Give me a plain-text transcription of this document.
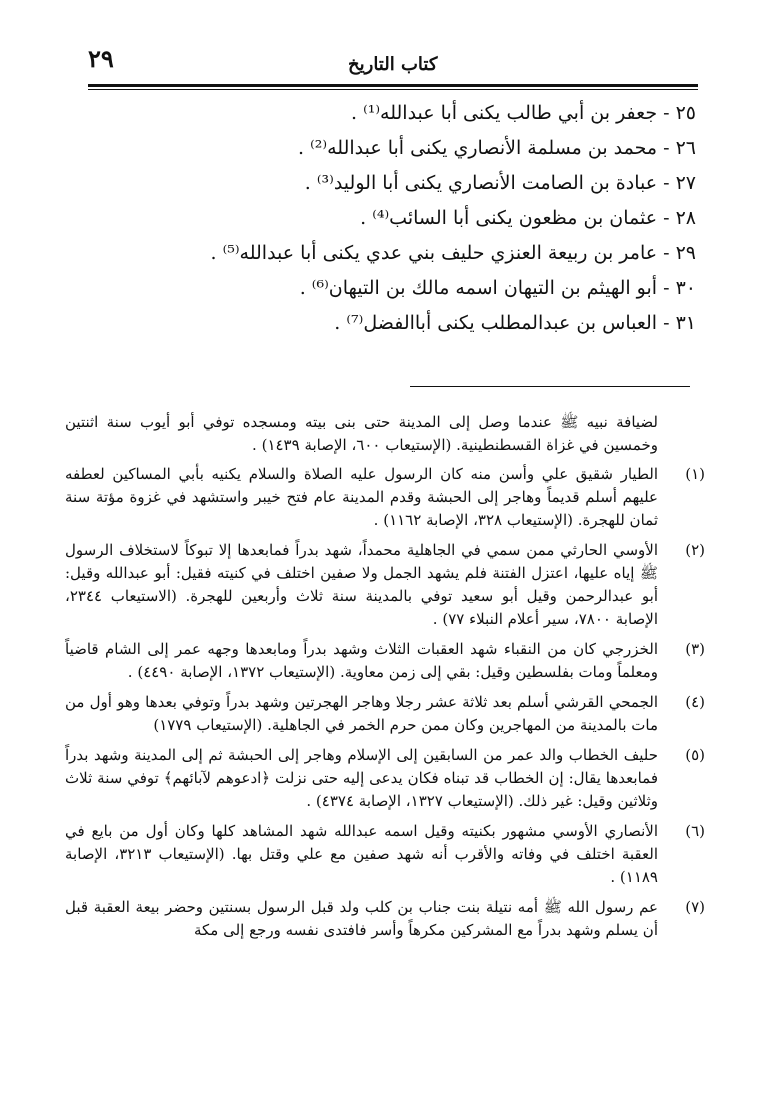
٢٩	كتاب التاريخ
٢٥ - جعفر بن أبي طالب يكنى أبا عبدالله⁽¹⁾ .
٢٦ - محمد بن مسلمة الأنصاري يكنى أبا عبدالله⁽²⁾ .
٢٧ - عبادة بن الصامت الأنصاري يكنى أبا الوليد⁽³⁾ .
٢٨ - عثمان بن مظعون يكنى أبا السائب⁽⁴⁾ .
٢٩ - عامر بن ربيعة العنزي حليف بني عدي يكنى أبا عبدالله⁽⁵⁾ .
٣٠ - أبو الهيثم بن التيهان اسمه مالك بن التيهان⁽⁶⁾ .
٣١ - العباس بن عبدالمطلب يكنى أباالفضل⁽⁷⁾ .
لضيافة نبيه ﷺ عندما وصل إلى المدينة حتى بنى بيته ومسجده توفي أبو أيوب سنة اثنتين وخمسين في غزاة القسطنطينية. (الإستيعاب ٦٠٠، الإصابة ١٤٣٩) .
(١)
الطيار شقيق علي وأسن منه كان الرسول عليه الصلاة والسلام يكنيه بأبي المساكين لعطفه عليهم أسلم قديماً وهاجر إلى الحبشة وقدم المدينة عام فتح خيبر واستشهد في غزوة مؤتة سنة ثمان للهجرة. (الإستيعاب ٣٢٨، الإصابة ١١٦٢) .
(٢)
الأوسي الحارثي ممن سمي في الجاهلية محمداً، شهد بدراً فمابعدها إلا تبوكاً لاستخلاف الرسول ﷺ إياه عليها، اعتزل الفتنة فلم يشهد الجمل ولا صفين اختلف في كنيته فقيل: أبو عبدالله وقيل: أبو عبدالرحمن وقيل أبو سعيد توفي بالمدينة سنة ثلاث وأربعين للهجرة. (الاستيعاب ٢٣٤٤، الإصابة ٧٨٠٠، سير أعلام النبلاء ٧٧) .
(٣)
الخزرجي كان من النقباء شهد العقبات الثلاث وشهد بدراً ومابعدها وجهه عمر إلى الشام قاضياً ومعلماً ومات بفلسطين وقيل: بقي إلى زمن معاوية. (الإستيعاب ١٣٧٢، الإصابة ٤٤٩٠) .
(٤)
الجمحي القرشي أسلم بعد ثلاثة عشر رجلا وهاجر الهجرتين وشهد بدراً وتوفي بعدها وهو أول من مات بالمدينة من المهاجرين وكان ممن حرم الخمر في الجاهلية. (الإستيعاب ١٧٧٩)
(٥)
حليف الخطاب والد عمر من السابقين إلى الإسلام وهاجر إلى الحبشة ثم إلى المدينة وشهد بدراً فمابعدها يقال: إن الخطاب قد تبناه فكان يدعى إليه حتى نزلت ﴿ادعوهم لآبائهم﴾ توفي سنة ثلاث وثلاثين وقيل: غير ذلك. (الإستيعاب ١٣٢٧، الإصابة ٤٣٧٤) .
(٦)
الأنصاري الأوسي مشهور بكنيته وقيل اسمه عبدالله شهد المشاهد كلها وكان أول من بايع في العقبة اختلف في وفاته والأقرب أنه شهد صفين مع علي وقتل بها. (الإستيعاب ٣٢١٣، الإصابة ١١٨٩) .
(٧)
عم رسول الله ﷺ أمه نتيلة بنت جناب بن كلب ولد قبل الرسول بسنتين وحضر بيعة العقبة قبل أن يسلم وشهد بدراً مع المشركين مكرهاً وأسر فافتدى نفسه ورجع إلى مكة
